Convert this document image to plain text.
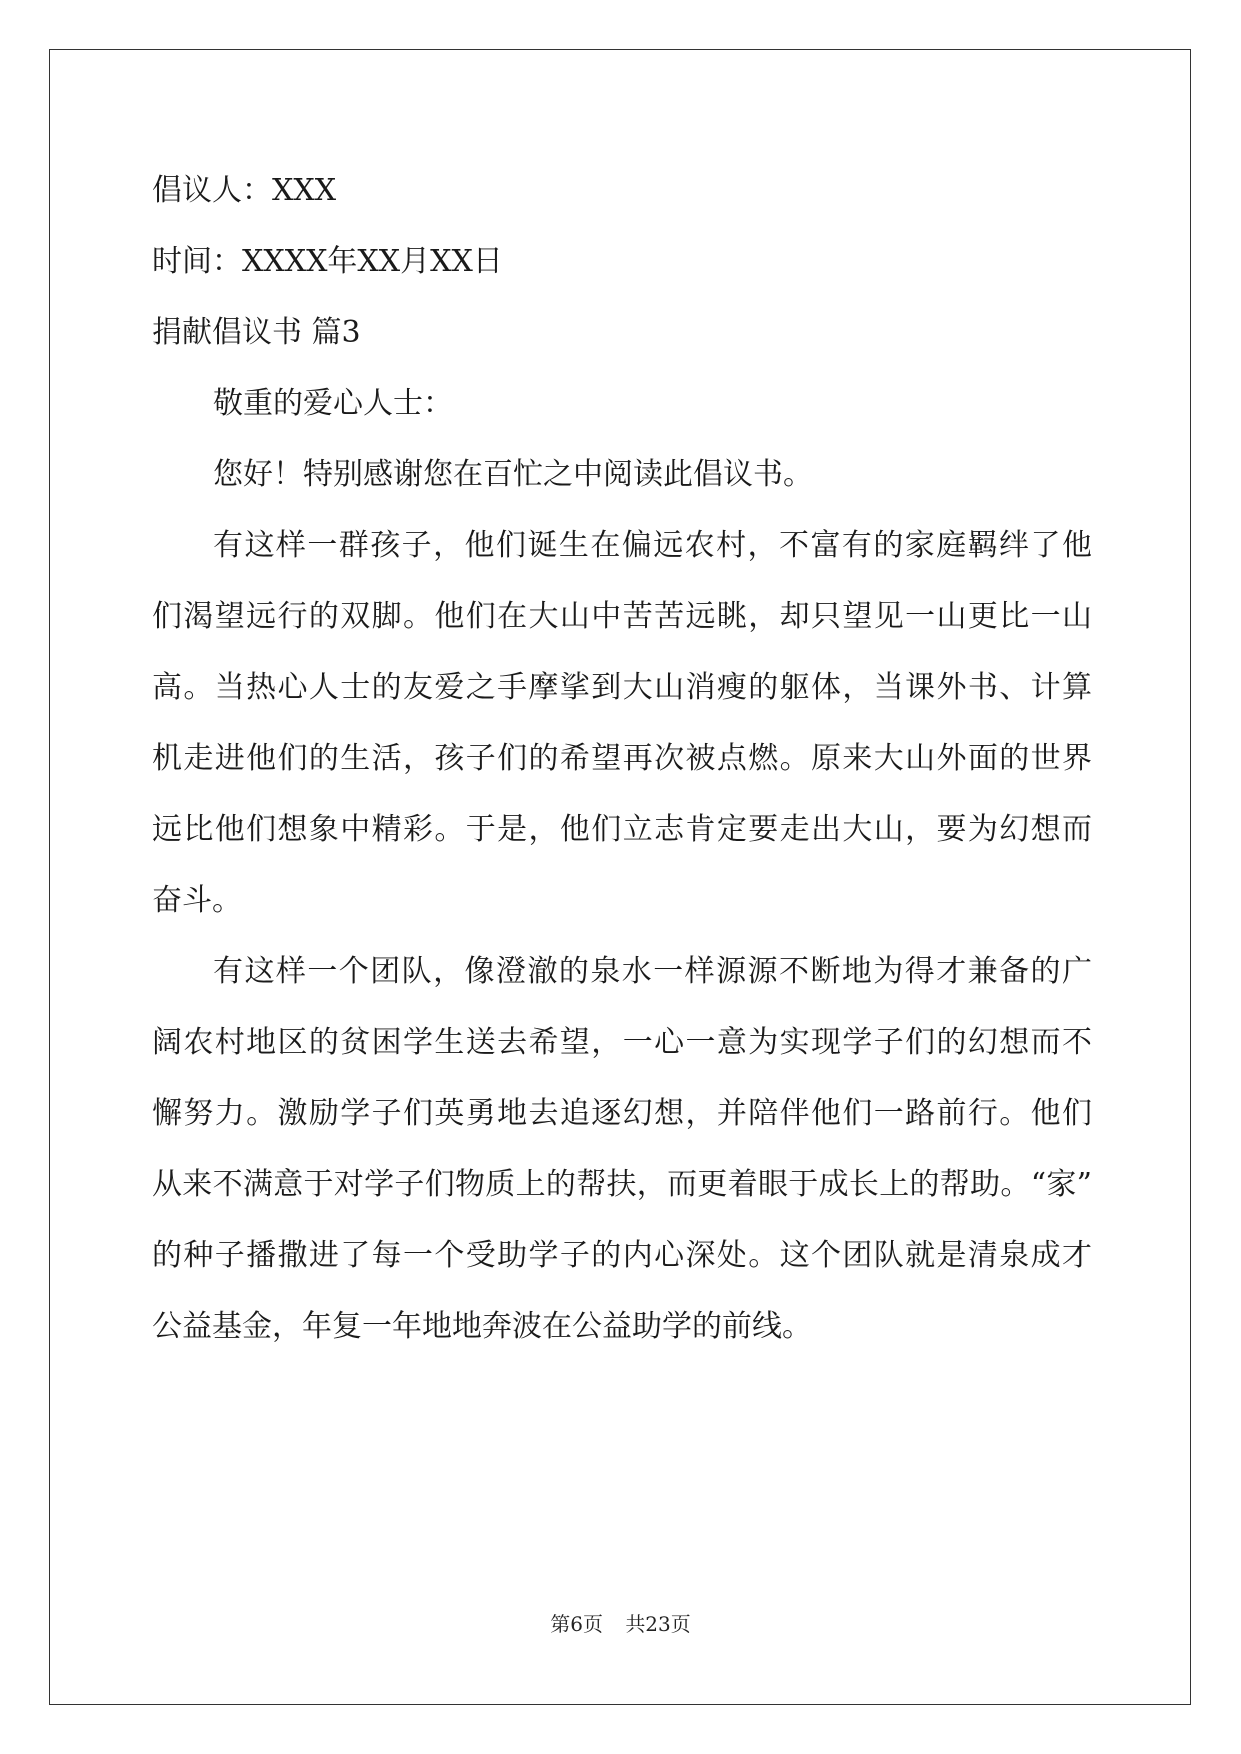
倡议人：XXX
时间：XXXX年XX月XX日
捐献倡议书 篇3
敬重的爱心人士：
您好！特别感谢您在百忙之中阅读此倡议书。
有这样一群孩子，他们诞生在偏远农村，不富有的家庭羁绊了他
们渴望远行的双脚。他们在大山中苦苦远眺，却只望见一山更比一山
高。当热心人士的友爱之手摩挲到大山消瘦的躯体，当课外书、计算
机走进他们的生活，孩子们的希望再次被点燃。原来大山外面的世界
远比他们想象中精彩。于是，他们立志肯定要走出大山，要为幻想而
奋斗。
有这样一个团队，像澄澈的泉水一样源源不断地为得才兼备的广
阔农村地区的贫困学生送去希望，一心一意为实现学子们的幻想而不
懈努力。激励学子们英勇地去追逐幻想，并陪伴他们一路前行。他们
从来不满意于对学子们物质上的帮扶，而更着眼于成长上的帮助。“家”
的种子播撒进了每一个受助学子的内心深处。这个团队就是清泉成才
公益基金，年复一年地地奔波在公益助学的前线。
第6页 共23页
